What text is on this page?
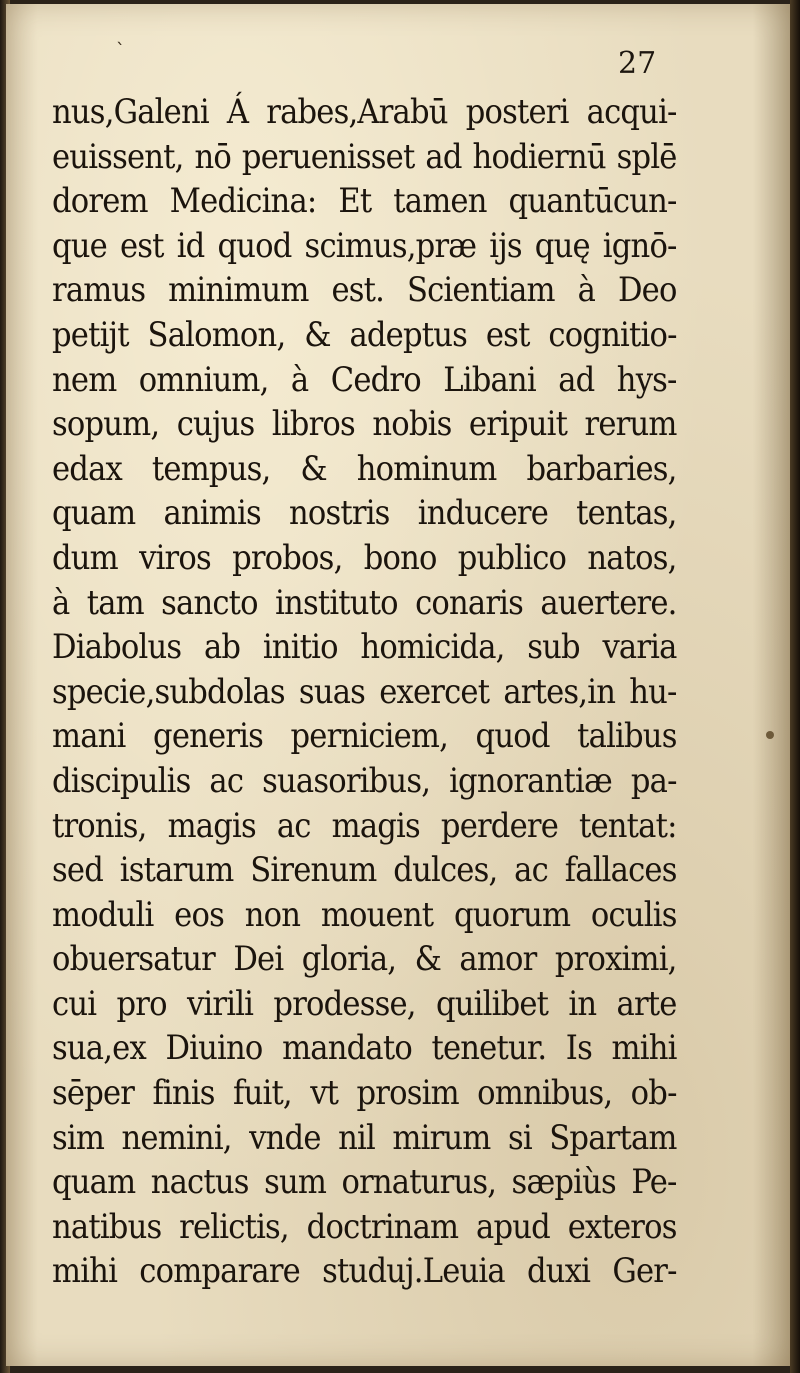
`	27
nus,Galeni Á rabes,Arabū posteri acqui-
euissent, nō peruenisset ad hodiernū splē
dorem Medicina: Et tamen quantūcun-
que est id quod scimus,præ ijs quę ignō-
ramus minimum est. Scientiam à Deo
petijt Salomon, & adeptus est cognitio-
nem omnium, à Cedro Libani ad hys-
sopum, cujus libros nobis eripuit rerum
edax tempus, & hominum barbaries,
quam animis nostris inducere tentas,
dum viros probos, bono publico natos,
à tam sancto instituto conaris auertere.
Diabolus ab initio homicida, sub varia
specie,subdolas suas exercet artes,in hu-
mani generis perniciem, quod talibus
discipulis ac suasoribus, ignorantiæ pa-
tronis, magis ac magis perdere tentat:
sed istarum Sirenum dulces, ac fallaces
moduli eos non mouent quorum oculis
obuersatur Dei gloria, & amor proximi,
cui pro virili prodesse, quilibet in arte
sua,ex Diuino mandato tenetur. Is mihi
sēper finis fuit, vt prosim omnibus, ob-
sim nemini, vnde nil mirum si Spartam
quam nactus sum ornaturus, sæpiùs Pe-
natibus relictis, doctrinam apud exteros
mihi comparare studuj.Leuia duxi Ger-
